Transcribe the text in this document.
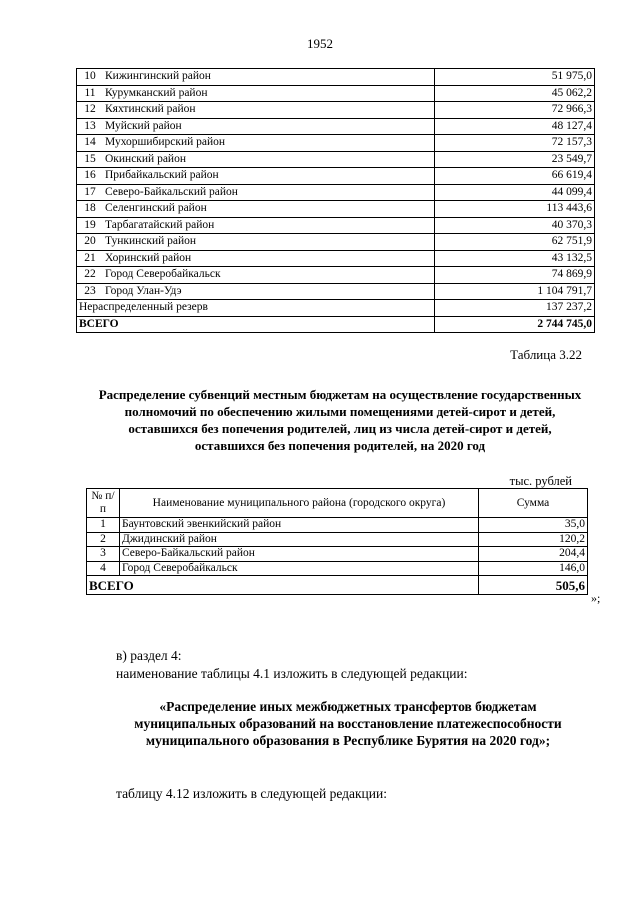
1952
10	Кижингинский район	51 975,0
11	Курумканский район	45 062,2
12	Кяхтинский район	72 966,3
13	Муйский район	48 127,4
14	Мухоршибирский район	72 157,3
15	Окинский район	23 549,7
16	Прибайкальский район	66 619,4
17	Северо-Байкальский район	44 099,4
18	Селенгинский район	113 443,6
19	Тарбагатайский район	40 370,3
20	Тункинский район	62 751,9
21	Хоринский район	43 132,5
22	Город Северобайкальск	74 869,9
23	Город Улан-Удэ	1 104 791,7
Нераспределенный резерв		137 237,2
ВСЕГО		2 744 745,0
Таблица 3.22
Распределение субвенций местным бюджетам на осуществление государственных полномочий по обеспечению жилыми помещениями детей-сирот и детей, оставшихся без попечения родителей, лиц из числа детей-сирот и детей, оставшихся без попечения родителей, на 2020 год
тыс. рублей
№ п/п	Наименование муниципального района (городского округа)	Сумма
1	Баунтовский эвенкийский район	35,0
2	Джидинский район	120,2
3	Северо-Байкальский район	204,4
4	Город Северобайкальск	146,0
ВСЕГО		505,6
»;
в) раздел 4:
наименование таблицы 4.1 изложить в следующей редакции:
«Распределение иных межбюджетных трансфертов бюджетам муниципальных образований на восстановление платежеспособности муниципального образования в Республике Бурятия на 2020 год»;
таблицу 4.12 изложить в следующей редакции:
